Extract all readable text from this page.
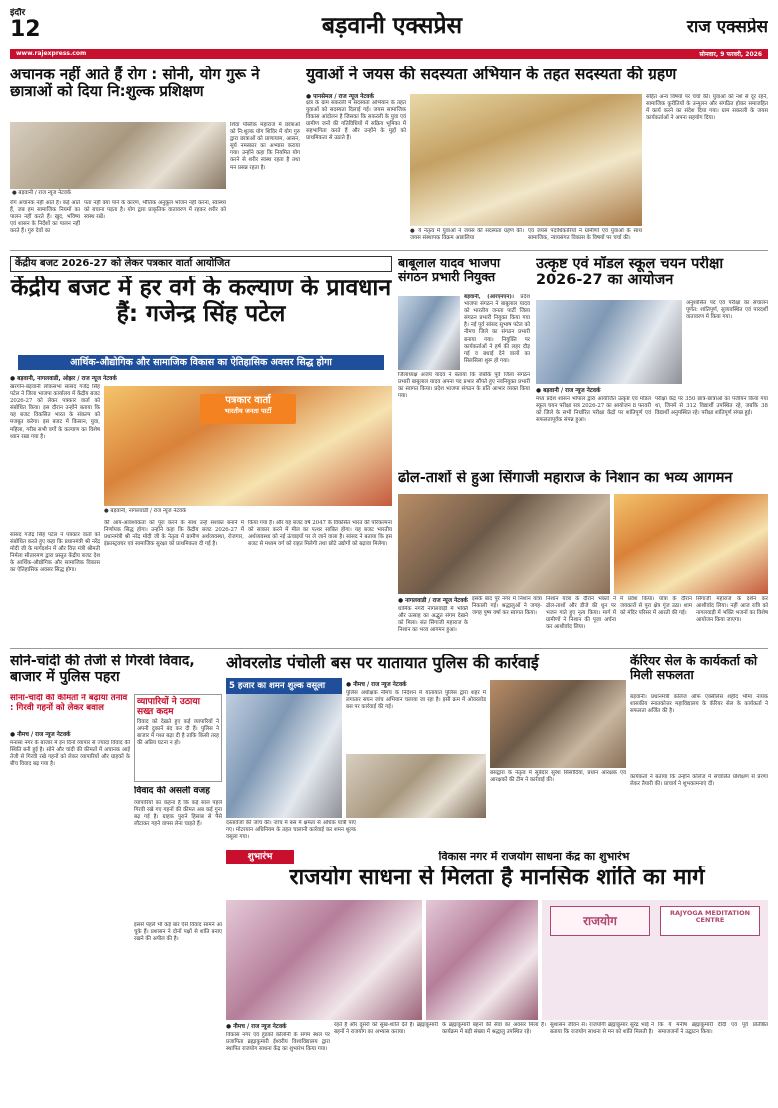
इंदौर
12	बड़वानी एक्सप्रेस	राज एक्सप्रेस
www.rajexpress.com	सोमवार, 9 फरवरी, 2026
अचानक नहीं आते हैं रोग : सोनी, योग गुरू ने छात्राओं को दिया नि:शुल्क प्रशिक्षण
● बड़वानी / राज न्यूज नेटवर्क
रोग अचानक नहीं आते हैं। कई आते हैं, जब हम सामाजिक नियमों का पालन नहीं करते हैं। खुद, भविष्य एवं शासन के निर्देशों का पालन नहीं करते हैं। गुरु देवों का
शिवा पब्लिक महाराज में छात्राओं को नि:शुल्क योग शिविर में योग गुरु द्वारा छात्राओं को प्राणायाम, आसन, सूर्य नमस्कार का अभ्यास कराया गया। उन्होंने कहा कि नियमित योग करने से शरीर स्वस्थ रहता है तथा मन प्रसन्न रहता है।
पता नहीं क्या पाने के कारण, भौतिक अनुकूल भोजन नहीं करना, स्वास्थ्य को बचाना पड़ता है। योग द्वारा प्राकृतिक वातावरण में रहकर शरीर को स्वस्थ रखें।
युवाओं ने जयस की सदस्यता अभियान के तहत सदस्यता की ग्रहण
● पानसेमल / राज न्यूज नेटवर्क
क्षेत्र के ग्राम सकरली में सदस्यता अभियान के तहत युवाओं को सदस्यता दिलाई गई। जयस सामाजिक विकास आंदोलन है जिसका कि सकरली के युवा एवं ग्रामीण जनों की गतिविधियों में सक्रिय भूमिका में सहभागिता करते हैं और उन्होंने के मुद्दों को प्राथमिकता से उठाते हैं।
● ये नेतृत्व में युवाओं ने जयस की सदस्यता ग्रहण की। जयस संस्थापक विक्रम अछालिया
एवं जयस पदाधिकारियों ने ग्रामीणों एवं युवाओं के साथ सामाजिक, न्यायसंगत विकास के विषयों पर चर्चा की।
सहित अन्य विषयों पर चर्चा की। युवाओं को नशे से दूर रहने, सामाजिक कुरीतियों के उन्मूलन और संगठित होकर समाजहित में कार्य करने का संदेश दिया गया। ग्राम सकरली के जयस कार्यकर्ताओं ने अपना सहयोग दिया।
केंद्रीय बजट 2026-27 को लेकर पत्रकार वार्ता आयोजित
केंद्रीय बजट में हर वर्ग के कल्याण के प्रावधान हैं: गजेन्द्र सिंह पटेल
आर्थिक-औद्योगिक और सामाजिक विकास का ऐतिहासिक अवसर सिद्ध होगा
● बड़वानी, नागलवाडी, ओझर / राज न्यूज नेटवर्क
खरगोन-बड़वानी लोकसभा सांसद गजेंद्र सिंह पटेल ने जिला भाजपा कार्यालय में केंद्रीय बजट 2026-27 को लेकर पत्रकार वार्ता को संबोधित किया। इस दौरान उन्होंने बताया कि यह बजट विकसित भारत के संकल्प को मजबूत करेगा। इस बजट में किसान, युवा, महिला, गरीब सभी वर्गों के कल्याण का विशेष ध्यान रखा गया है।
सांसद गजेंद्र सिंह पटेल ने पत्रकार वार्ता को संबोधित करते हुए कहा कि प्रधानमंत्री श्री नरेंद्र मोदी जी के मार्गदर्शन में और वित्त मंत्री श्रीमती निर्मला सीतारमण द्वारा प्रस्तुत केंद्रीय बजट देश के आर्थिक-औद्योगिक और सामाजिक विकास का ऐतिहासिक अवसर सिद्ध होगा।
पत्रकार वार्ता
भारतीय जनता पार्टी
● बड़वानी, नागलवाडी / राज न्यूज नेटवर्क
की आय-आवश्यकता को पूरा करने के साथ उन्हें सशक्त बनाने में निर्णायक सिद्ध होगा। उन्होंने कहा कि केंद्रीय बजट 2026-27 में प्रधानमंत्री श्री नरेंद्र मोदी जी के नेतृत्व में ग्रामीण अर्थव्यवस्था, रोजगार, इंफ्रास्ट्रक्चर एवं सामाजिक सुरक्षा को प्राथमिकता दी गई है।
किया गया है। और यह बजट वर्ष 2047 के विकसित भारत की परिकल्पना को साकार करने में मील का पत्थर साबित होगा। यह बजट भारतीय अर्थव्यवस्था को नई ऊंचाइयों पर ले जाने वाला है। सांसद ने बताया कि इस बजट से मध्यम वर्ग को राहत मिलेगी तथा छोटे उद्योगों को बढ़ावा मिलेगा।
बाबूलाल यादव भाजपा संगठन प्रभारी नियुक्त
बड़वानी, (आरएनएन)। प्रदेश भाजपा संगठन ने बाबूलाल यादव को भारतीय जनता पार्टी जिला संगठन प्रभारी नियुक्त किया गया है। नई पूर्व सांसद सुभाष पटेल को नीमच जिले का संगठन प्रभारी बनाया गया। नियुक्ति पर कार्यकर्ताओं ने हर्ष की लहर दौड़ गई व बधाई देने वालों का सिलसिला शुरू हो गया।
जिलाध्यक्ष अजय यादव ने बताया कि जबकि पूर्व जिला संगठन प्रभारी बाबूलाल यादव अपना पद प्रभार सौंपते हुए नवनियुक्त प्रभारी का स्वागत किया। प्रदेश भाजपा संगठन के प्रति आभार व्यक्त किया गया।
उत्कृष्ट एवं मॉडल स्कूल चयन परीक्षा 2026-27 का आयोजन
● बड़वानी / राज न्यूज नेटवर्क
अनुशासित पद एवं परीक्षा का संचालन पूर्णत: शांतिपूर्ण, सुव्यवस्थित एवं पारदर्शी वातावरण में किया गया।
मध्य प्रदेश शासन भोपाल द्वारा आयोजित उत्कृष्ट एवं मॉडल स्कूल चयन परीक्षा सत्र 2026-27 का आयोजन 8 फरवरी को जिले के सभी निर्धारित परीक्षा केंद्रों पर शांतिपूर्ण एवं सफलतापूर्वक संपन्न हुआ।
परीक्षा केंद्र पर 350 छात्र-छात्राओं का पंजीयन किया गया था, जिनमें से 312 विद्यार्थी उपस्थित रहे, जबकि 38 विद्यार्थी अनुपस्थित रहे। परीक्षा शांतिपूर्ण संपन्न हुई।
ढोल-ताशों से हुआ सिंगाजी महाराज के निशान का भव्य आगमन
● नागलवाडी / राज न्यूज नेटवर्क
धार्मिक नगरी नागलवाड़ी में भक्ति और उत्साह का अद्भुत संगम देखने को मिला। संत सिंगाजी महाराज के निशान का भव्य आगमन हुआ।
इसके बाद पूरे नगर में निशान यात्रा निकाली गई। श्रद्धालुओं ने जगह-जगह पुष्प वर्षा कर स्वागत किया।
निशान यात्रा के दौरान भक्तों ने ढोल-ताशों और डीजे की धुन पर भजन गाते हुए नृत्य किया। मार्ग में ग्रामीणों ने निशान की पूजा अर्चना कर आशीर्वाद लिया।
में प्रवेश किया। यात्रा के दौरान जयकारों से पूरा क्षेत्र गूंज उठा। शाम को मंदिर परिसर में आरती की गई।
सिंगाजी महाराज के दर्शन कर आशीर्वाद लिया। नहीं आज रात्रि को नागलवाड़ी में भक्ति भजनों का विशेष आयोजन किया जाएगा।
सोने-चांदी की तेजी से गिरवी विवाद, बाजार में पुलिस पहरा
सोना-चांदी की कीमतों ने बढ़ाया तनाव : गिरवी गहनों को लेकर बवाल
● नीमच / राज न्यूज नेटवर्क
मनासा नगर के बाजार में इन दिनों व्यापार से ज्यादा विवाद की स्थिति बनी हुई है। सोने और चांदी की कीमतों में अचानक आई तेजी से गिरवी रखे गहनों को लेकर व्यापारियों और ग्राहकों के बीच विवाद बढ़ गया है।
व्यापारियों ने उठाया सख्त कदम
विवाद को देखते हुए कई व्यापारियों ने अपनी दुकानें बंद कर दी हैं। पुलिस ने बाजार में गश्त बढ़ा दी है ताकि किसी तरह की अप्रिय घटना न हो।
विवाद की असली वजह
व्यापारियों का कहना है कि कई साल पहले गिरवी रखे गए गहनों की कीमत अब कई गुना बढ़ गई है। ग्राहक पुराने हिसाब से पैसे लौटाकर गहने वापस लेना चाहते हैं।
इससे पहले भी कई बार ऐसे विवाद सामने आ चुके हैं। प्रशासन ने दोनों पक्षों से शांति बनाए रखने की अपील की है।
ओवरलोड पंचोली बस पर यातायात पुलिस की कार्रवाई
5 हजार का शमन शुल्क वसूला	● नीमच / राज न्यूज नेटवर्क
पुलिस अधीक्षक नीमच के निर्देशन में यातायात पुलिस द्वारा शहर में लगातार सघन जांच अभियान चलाया जा रहा है। इसी क्रम में ओवरलोड बस पर कार्रवाई की गई।
दस्तावेजों की जांच की। जांच में बस में क्षमता से अधिक यात्री पाए गए। मोटरयान अधिनियम के तहत चालानी कार्रवाई कर शमन शुल्क वसूला गया।
बसद्वारा के नेतृत्व में सूबेदार सुरेश सिसोदिया, प्रधान आरक्षक एवं आरक्षकों की टीम ने कार्रवाई की।
कॅरियर सेल के कार्यकर्ता को मिली सफलता
बड़वानी। प्रधानमंत्री कॉलेज ऑफ एक्सीलेंस शहीद भीमा नायक शासकीय स्नातकोत्तर महाविद्यालय के कॅरियर सेल के कार्यकर्ता ने सफलता अर्जित की है।
कार्यकर्ता ने बताया कि उन्होंने कॉलेज में संचालित प्रशिक्षण से प्रेरणा लेकर तैयारी की। प्राचार्य ने शुभकामनाएं दीं।
शुभारंभ	विकास नगर में राजयोग साधना केंद्र का शुभारंभ
राजयोग साधना से मिलता है मानसिक शांति का मार्ग
राजयोग
RAJYOGA MEDITATION CENTRE
● नीमच / राज न्यूज नेटवर्क
विकास नगर एवं हुडको कॉलोनी के संगम स्थल पर प्रजापिता ब्रह्माकुमारी ईश्वरीय विश्वविद्यालय द्वारा स्थापित राजयोग साधना केंद्र का शुभारंभ किया गया।
रहते हैं और दूसरों को सुख-शांति देते हैं। ब्रह्माकुमारी बहनों ने राजयोग का अभ्यास कराया।
के ब्रह्माकुमारी बहनों की सेवा का अवसर मिला है। कार्यक्रम में बड़ी संख्या में श्रद्धालु उपस्थित रहे।
सुशासन जीवन से। राजयोगी ब्रह्माकुमार सुरेंद्र भाई ने बताया कि राजयोग साधना से मन को शांति मिलती है।
कि ये मनीष ब्रह्माकुमारी दीदी एवं पूर्व प्रतिष्ठित समाजजनों ने उद्घाटन किया।
